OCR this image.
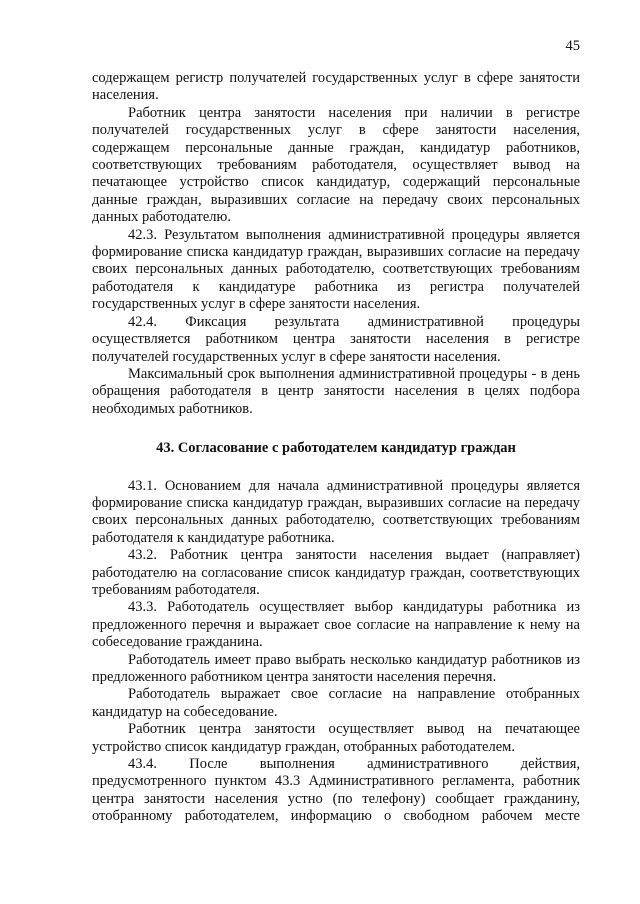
45

содержащем регистр получателей государственных услуг в сфере занятости населения.

Работник центра занятости населения при наличии в регистре получателей государственных услуг в сфере занятости населения, содержащем персональные данные граждан, кандидатур работников, соответствующих требованиям работодателя, осуществляет вывод на печатающее устройство список кандидатур, содержащий персональные данные граждан, выразивших согласие на передачу своих персональных данных работодателю.

42.3. Результатом выполнения административной процедуры является формирование списка кандидатур граждан, выразивших согласие на передачу своих персональных данных работодателю, соответствующих требованиям работодателя к кандидатуре работника из регистра получателей государственных услуг в сфере занятости населения.

42.4. Фиксация результата административной процедуры осуществляется работником центра занятости населения в регистре получателей государственных услуг в сфере занятости населения.

Максимальный срок выполнения административной процедуры - в день обращения работодателя в центр занятости населения в целях подбора необходимых работников.

43. Согласование с работодателем кандидатур граждан

43.1. Основанием для начала административной процедуры является формирование списка кандидатур граждан, выразивших согласие на передачу своих персональных данных работодателю, соответствующих требованиям работодателя к кандидатуре работника.

43.2. Работник центра занятости населения выдает (направляет) работодателю на согласование список кандидатур граждан, соответствующих требованиям работодателя.

43.3. Работодатель осуществляет выбор кандидатуры работника из предложенного перечня и выражает свое согласие на направление к нему на собеседование гражданина.

Работодатель имеет право выбрать несколько кандидатур работников из предложенного работником центра занятости населения перечня.

Работодатель выражает свое согласие на направление отобранных кандидатур на собеседование.

Работник центра занятости осуществляет вывод на печатающее устройство список кандидатур граждан, отобранных работодателем.

43.4. После выполнения административного действия, предусмотренного пунктом 43.3 Административного регламента, работник центра занятости населения устно (по телефону) сообщает гражданину, отобранному работодателем, информацию о свободном рабочем месте
